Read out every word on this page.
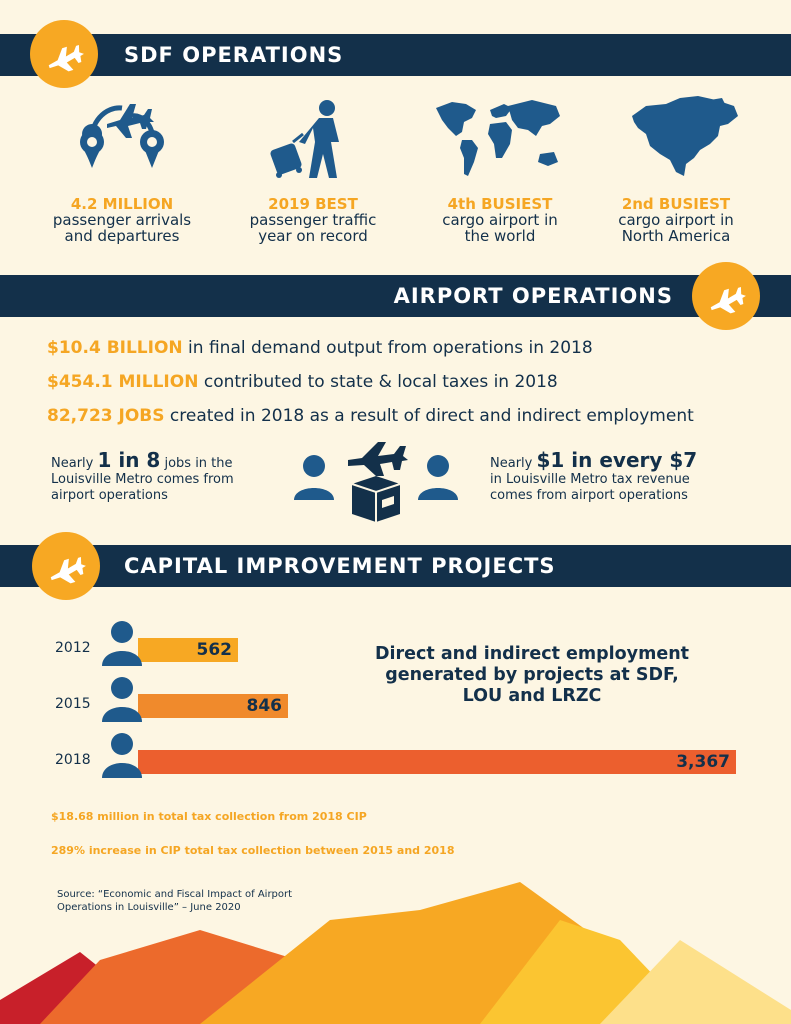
SDF OPERATIONS
4.2 MILLION
passenger arrivals
and departures
2019 BEST
passenger traffic
year on record
4th BUSIEST
cargo airport in
the world
2nd BUSIEST
cargo airport in
North America
AIRPORT OPERATIONS
$10.4 BILLION in final demand output from operations in 2018
$454.1 MILLION contributed to state & local taxes in 2018
82,723 JOBS created in 2018 as a result of direct and indirect employment
Nearly 1 in 8 jobs in the
Louisville Metro comes from
airport operations
Nearly $1 in every $7
in Louisville Metro tax revenue
comes from airport operations
CAPITAL IMPROVEMENT PROJECTS
2012	562
2015	846
2018	3,367
Direct and indirect employment
generated by projects at SDF,
LOU and LRZC
$18.68 million in total tax collection from 2018 CIP
289% increase in CIP total tax collection between 2015 and 2018
Source: “Economic and Fiscal Impact of Airport
Operations in Louisville” – June 2020
